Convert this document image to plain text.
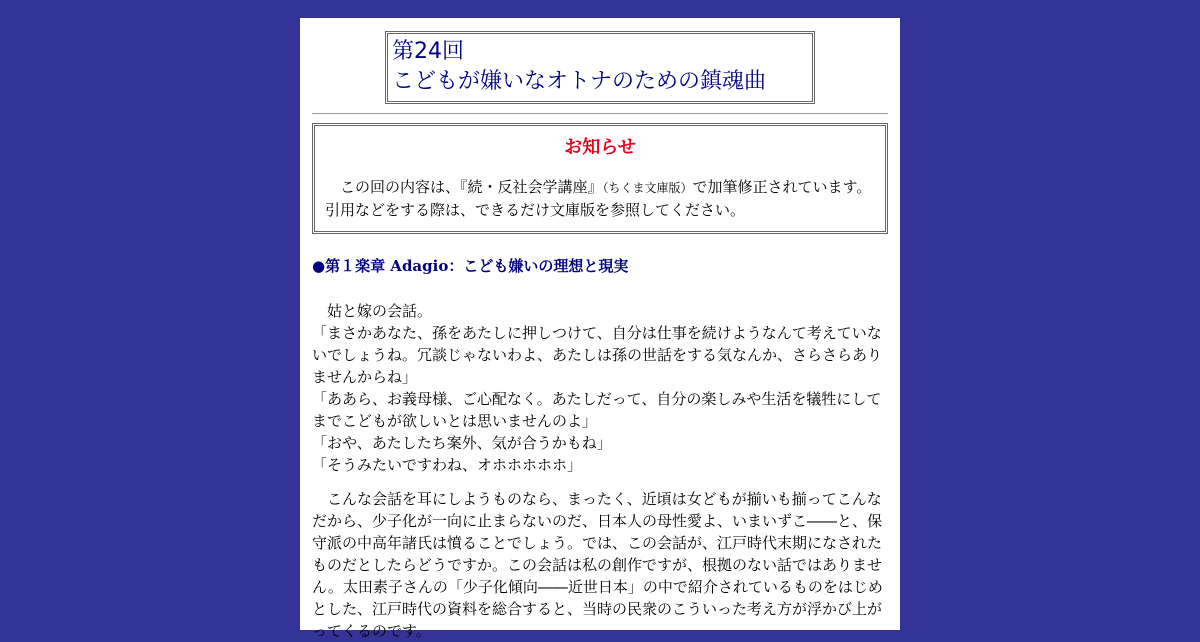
第24回
こどもが嫌いなオトナのための鎮魂曲
お知らせ
この回の内容は、『続・反社会学講座』（ちくま文庫版）で加筆修正されています。引用などをする際は、できるだけ文庫版を参照してください。
●第１楽章 Adagio：こども嫌いの理想と現実

姑と嫁の会話。

「まさかあなた、孫をあたしに押しつけて、自分は仕事を続けようなんて考えていないでしょうね。冗談じゃないわよ、あたしは孫の世話をする気なんか、さらさらありませんからね」

「ああら、お義母様、ご心配なく。あたしだって、自分の楽しみや生活を犠牲にしてまでこどもが欲しいとは思いませんのよ」

「おや、あたしたち案外、気が合うかもね」

「そうみたいですわね、オホホホホホ」

こんな会話を耳にしようものなら、まったく、近頃は女どもが揃いも揃ってこんなだから、少子化が一向に止まらないのだ、日本人の母性愛よ、いまいずこ――と、保守派の中高年諸氏は憤ることでしょう。では、この会話が、江戸時代末期になされたものだとしたらどうですか。この会話は私の創作ですが、根拠のない話ではありません。太田素子さんの「少子化傾向――近世日本」の中で紹介されているものをはじめとした、江戸時代の資料を総合すると、当時の民衆のこういった考え方が浮かび上がってくるのです。
